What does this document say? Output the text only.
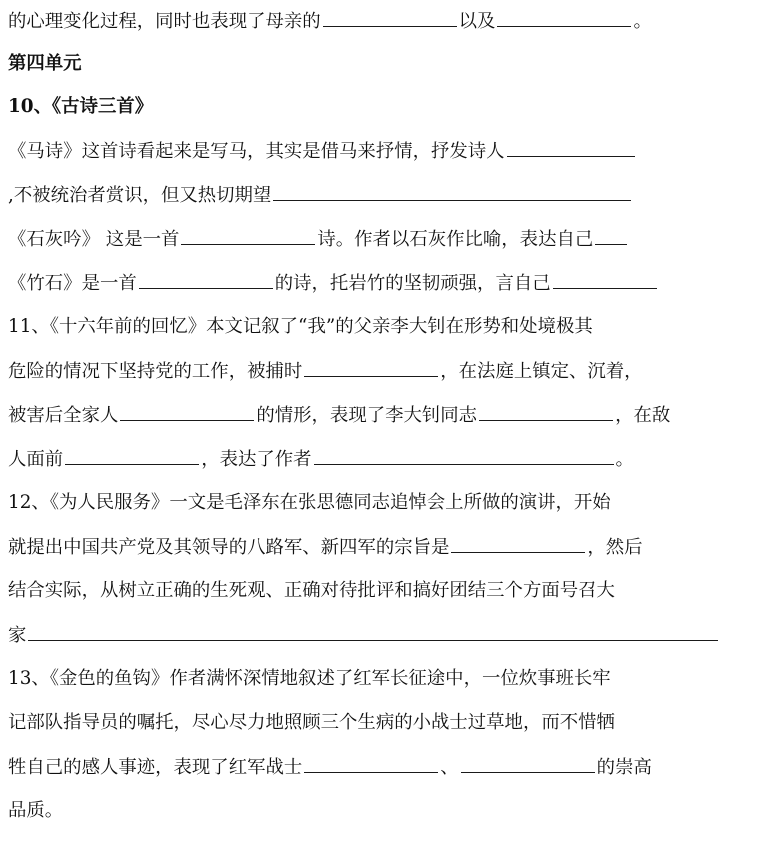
的心理变化过程，同时也表现了母亲的	以及	。
第四单元
10、《古诗三首》
《马诗》这首诗看起来是写马，其实是借马来抒情，抒发诗人
,不被统治者赏识，但又热切期望
《石灰吟》 这是一首	诗。作者以石灰作比喻，表达自己
《竹石》是一首	的诗，托岩竹的坚韧顽强，言自己
11、《十六年前的回忆》本文记叙了“我”的父亲李大钊在形势和处境极其
危险的情况下坚持党的工作，被捕时	，在法庭上镇定、沉着，
被害后全家人	的情形，表现了李大钊同志	，在敌
人面前	，表达了作者	。
12、《为人民服务》一文是毛泽东在张思德同志追悼会上所做的演讲，开始
就提出中国共产党及其领导的八路军、新四军的宗旨是	，然后
结合实际，从树立正确的生死观、正确对待批评和搞好团结三个方面号召大
家
13、《金色的鱼钩》作者满怀深情地叙述了红军长征途中，一位炊事班长牢
记部队指导员的嘱托，尽心尽力地照顾三个生病的小战士过草地，而不惜牺
牲自己的感人事迹，表现了红军战士	、	的崇高
品质。
